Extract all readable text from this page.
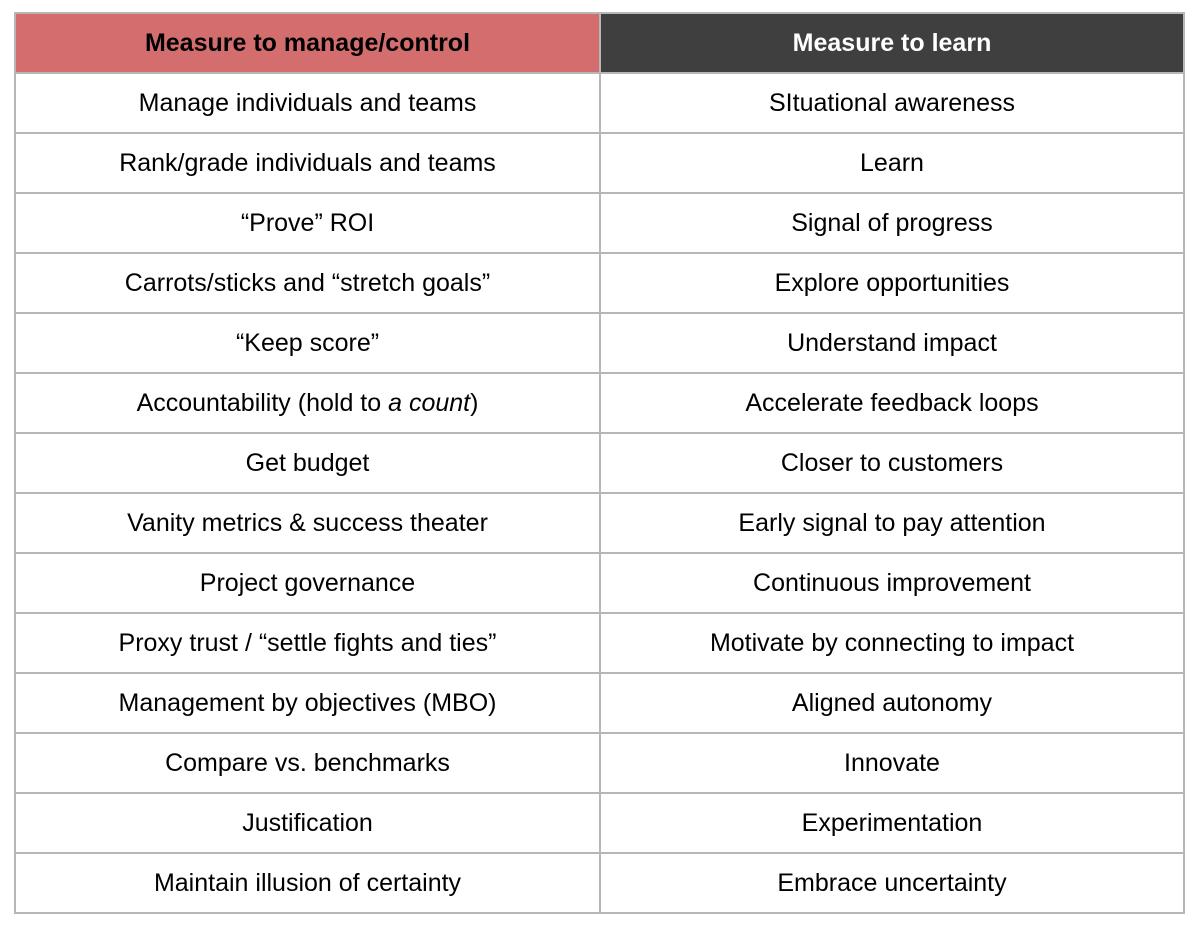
Measure to manage/control	Measure to learn
Manage individuals and teams	SItuational awareness
Rank/grade individuals and teams	Learn
“Prove” ROI	Signal of progress
Carrots/sticks and “stretch goals”	Explore opportunities
“Keep score”	Understand impact
Accountability (hold to a count)	Accelerate feedback loops
Get budget	Closer to customers
Vanity metrics & success theater	Early signal to pay attention
Project governance	Continuous improvement
Proxy trust / “settle fights and ties”	Motivate by connecting to impact
Management by objectives (MBO)	Aligned autonomy
Compare vs. benchmarks	Innovate
Justification	Experimentation
Maintain illusion of certainty	Embrace uncertainty
